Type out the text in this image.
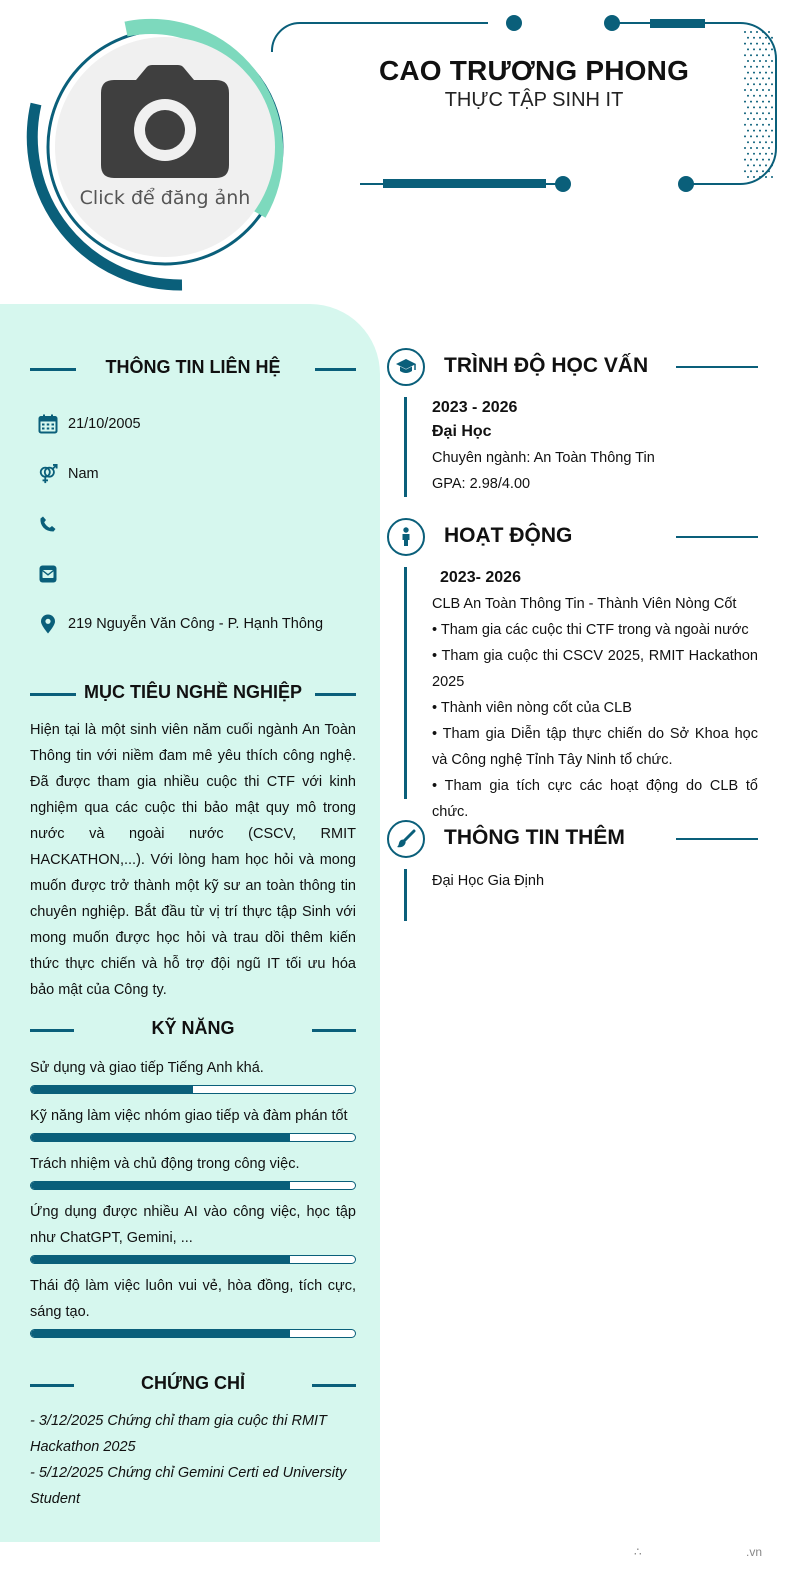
Click để đăng ảnh
CAO TRƯƠNG PHONG
THỰC TẬP SINH IT
THÔNG TIN LIÊN HỆ
21/10/2005
Nam
219 Nguyễn Văn Công - P. Hạnh Thông
MỤC TIÊU NGHỀ NGHIỆP
Hiện tại là một sinh viên năm cuối ngành An Toàn Thông tin với niềm đam mê yêu thích công nghệ. Đã được tham gia nhiều cuộc thi CTF với kinh nghiệm qua các cuộc thi bảo mật quy mô trong nước và ngoài nước (CSCV, RMIT HACKATHON,...). Với lòng ham học hỏi và mong muốn được trở thành một kỹ sư an toàn thông tin chuyên nghiệp. Bắt đầu từ vị trí thực tập Sinh với mong muốn được học hỏi và trau dồi thêm kiến thức thực chiến và hỗ trợ đội ngũ IT tối ưu hóa bảo mật của Công ty.
KỸ NĂNG
Sử dụng và giao tiếp Tiếng Anh khá.
Kỹ năng làm việc nhóm giao tiếp và đàm phán tốt
Trách nhiệm và chủ động trong công việc.
Ứng dụng được nhiều AI vào công việc, học tập như ChatGPT, Gemini, ...
Thái độ làm việc luôn vui vẻ, hòa đồng, tích cực, sáng tạo.
CHỨNG CHỈ
- 3/12/2025 Chứng chỉ tham gia cuộc thi RMIT Hackathon 2025
- 5/12/2025 Chứng chỉ Gemini Certi ed University Student
TRÌNH ĐỘ HỌC VẤN
2023 - 2026
Đại Học
Chuyên ngành: An Toàn Thông Tin
GPA: 2.98/4.00
HOẠT ĐỘNG
2023- 2026
CLB An Toàn Thông Tin - Thành Viên Nòng Cốt
• Tham gia các cuộc thi CTF trong và ngoài nước
• Tham gia cuộc thi CSCV 2025, RMIT Hackathon 2025
• Thành viên nòng cốt của CLB
• Tham gia Diễn tập thực chiến do Sở Khoa học và Công nghệ Tỉnh Tây Ninh tổ chức.
• Tham gia tích cực các hoạt động do CLB tổ chức.
THÔNG TIN THÊM
Đại Học Gia Định
∴	.vn
